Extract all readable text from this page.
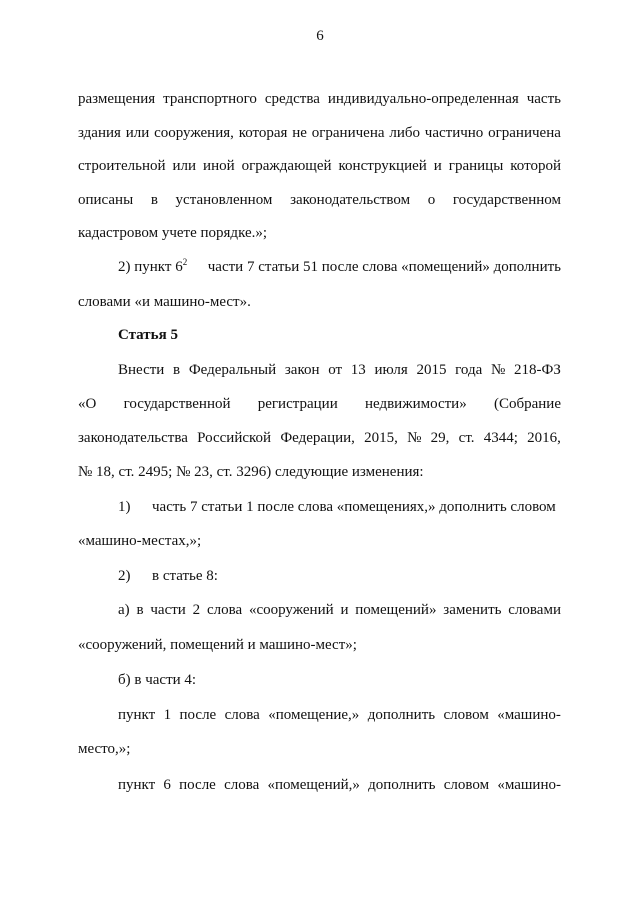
6
размещения транспортного средства индивидуально-определенная часть
здания или сооружения, которая не ограничена либо частично ограничена
строительной или иной ограждающей конструкцией и границы которой
описаны в установленном законодательством о государственном
кадастровом учете порядке.»;
2) пункт $6^2$ части 7 статьи 51 после слова «помещений» дополнить
словами «и машино-мест».
Статья 5
Внести в Федеральный закон от 13 июля 2015 года № 218-ФЗ
«О государственной регистрации недвижимости» (Собрание
законодательства Российской Федерации, 2015, № 29, ст. 4344; 2016,
№ 18, ст. 2495; № 23, ст. 3296) следующие изменения:
1) часть 7 статьи 1 после слова «помещениях,» дополнить словом
«машино-местах,»;
2) в статье 8:
а) в части 2 слова «сооружений и помещений» заменить словами
«сооружений, помещений и машино-мест»;
б) в части 4:
пункт 1 после слова «помещение,» дополнить словом «машино-
место,»;
пункт 6 после слова «помещений,» дополнить словом «машино-
